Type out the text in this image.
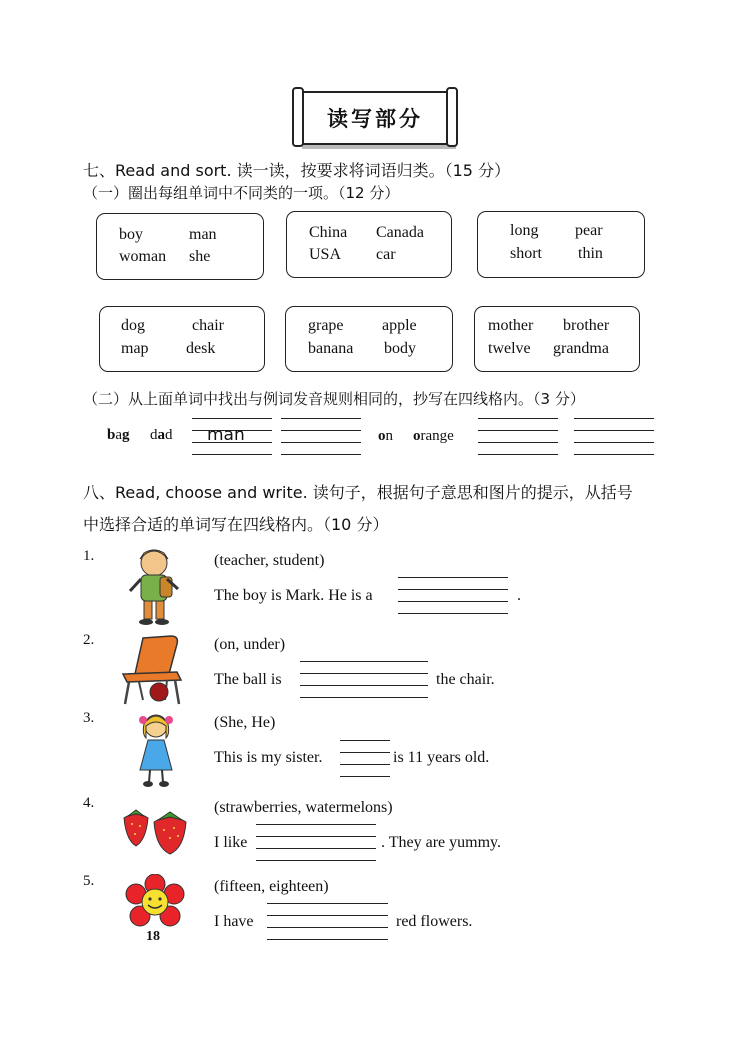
读写部分
七、Read and sort. 读一读，按要求将词语归类。（15 分）
（一）圈出每组单词中不同类的一项。（12 分）
boy	man
woman she
China Canada
USA car
long pear
short thin
dog	chair
map desk
grape apple
banana body
mother brother
twelve grandma
（二）从上面单词中找出与例词发音规则相同的，抄写在四线格内。（3 分）
bag dad man	on orange
八、Read, choose and write. 读句子，根据句子意思和图片的提示，从括号
中选择合适的单词写在四线格内。（10 分）
1.	(teacher, student)
The boy is Mark. He is a	.
2.	(on, under)
The ball is	the chair.
3.	(She, He)
This is my sister.	is 11 years old.
4.	(strawberries, watermelons)
I like	. They are yummy.
5.
18
(fifteen, eighteen)
I have	red flowers.
